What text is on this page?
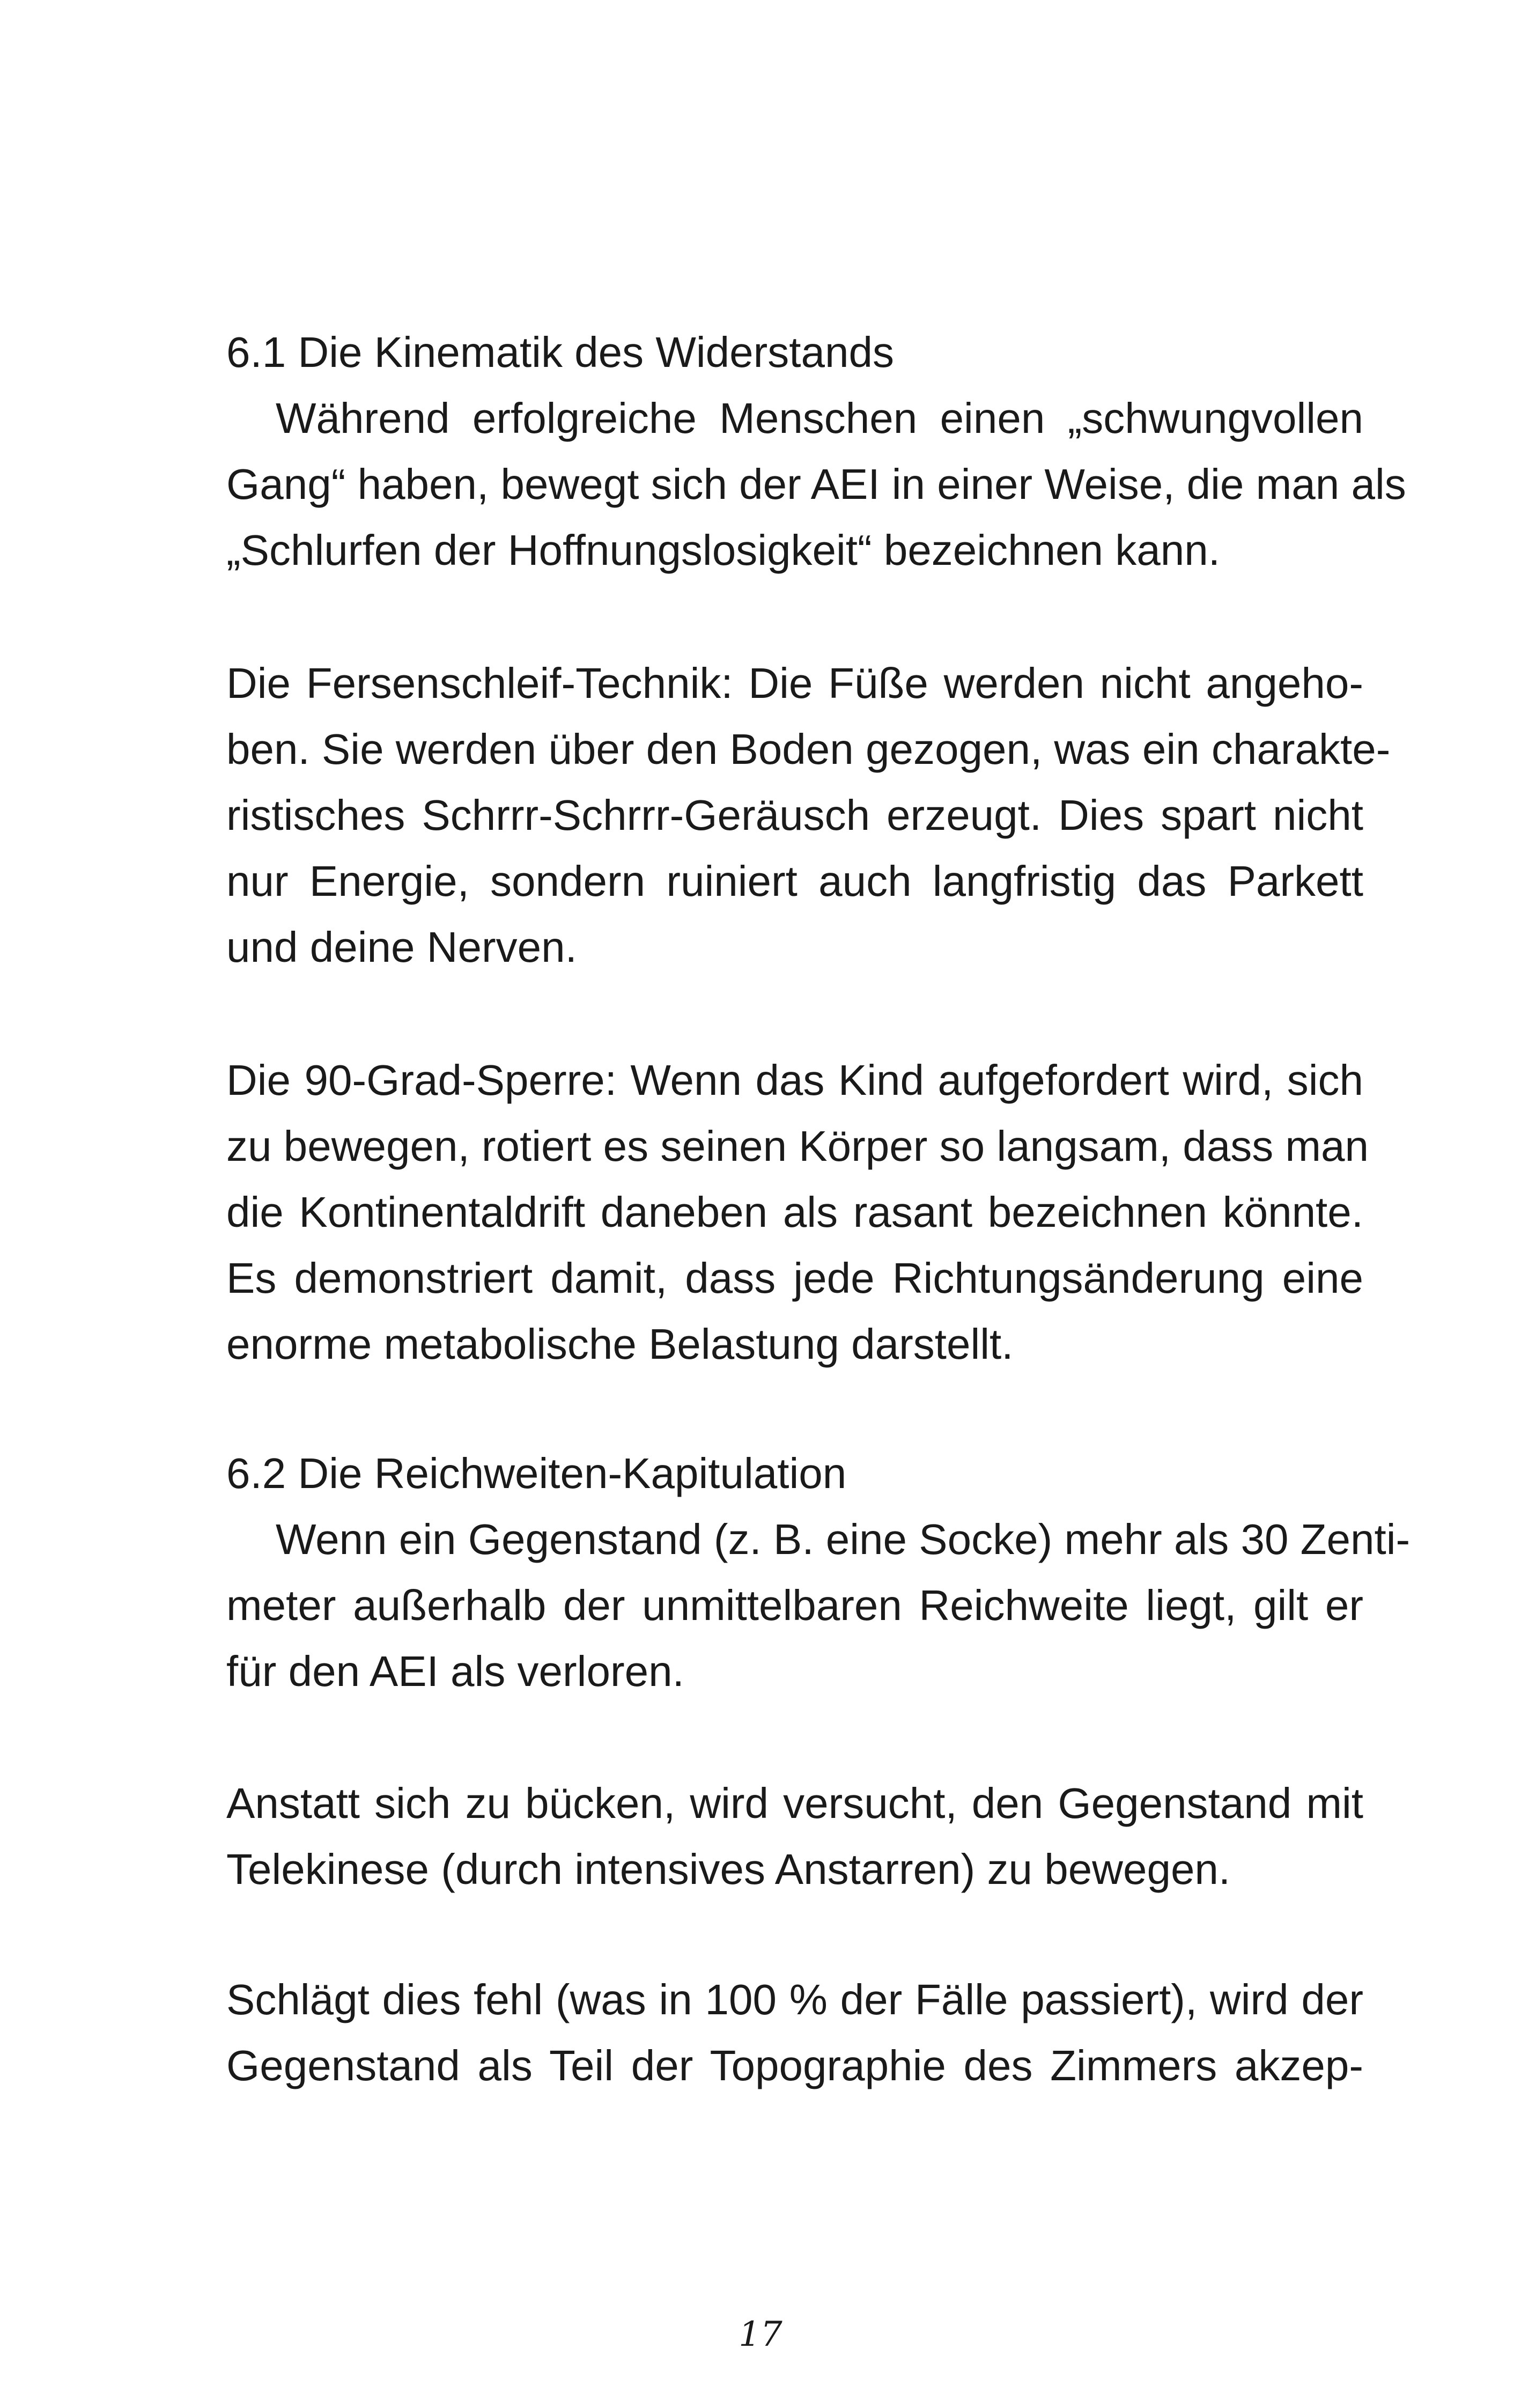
6.1 Die Kinematik des Widerstands
Während erfolgreiche Menschen einen „schwungvollen
Gang“ haben, bewegt sich der AEI in einer Weise, die man als
„Schlurfen der Hoffnungslosigkeit“ bezeichnen kann.
Die Fersenschleif-Technik: Die Füße werden nicht angeho-
ben. Sie werden über den Boden gezogen, was ein charakte-
ristisches Schrrr-Schrrr-Geräusch erzeugt. Dies spart nicht
nur Energie, sondern ruiniert auch langfristig das Parkett
und deine Nerven.
Die 90-Grad-Sperre: Wenn das Kind aufgefordert wird, sich
zu bewegen, rotiert es seinen Körper so langsam, dass man
die Kontinentaldrift daneben als rasant bezeichnen könnte.
Es demonstriert damit, dass jede Richtungsänderung eine
enorme metabolische Belastung darstellt.
6.2 Die Reichweiten-Kapitulation
Wenn ein Gegenstand (z. B. eine Socke) mehr als 30 Zenti-
meter außerhalb der unmittelbaren Reichweite liegt, gilt er
für den AEI als verloren.
Anstatt sich zu bücken, wird versucht, den Gegenstand mit
Telekinese (durch intensives Anstarren) zu bewegen.
Schlägt dies fehl (was in 100 % der Fälle passiert), wird der
Gegenstand als Teil der Topographie des Zimmers akzep-
17
